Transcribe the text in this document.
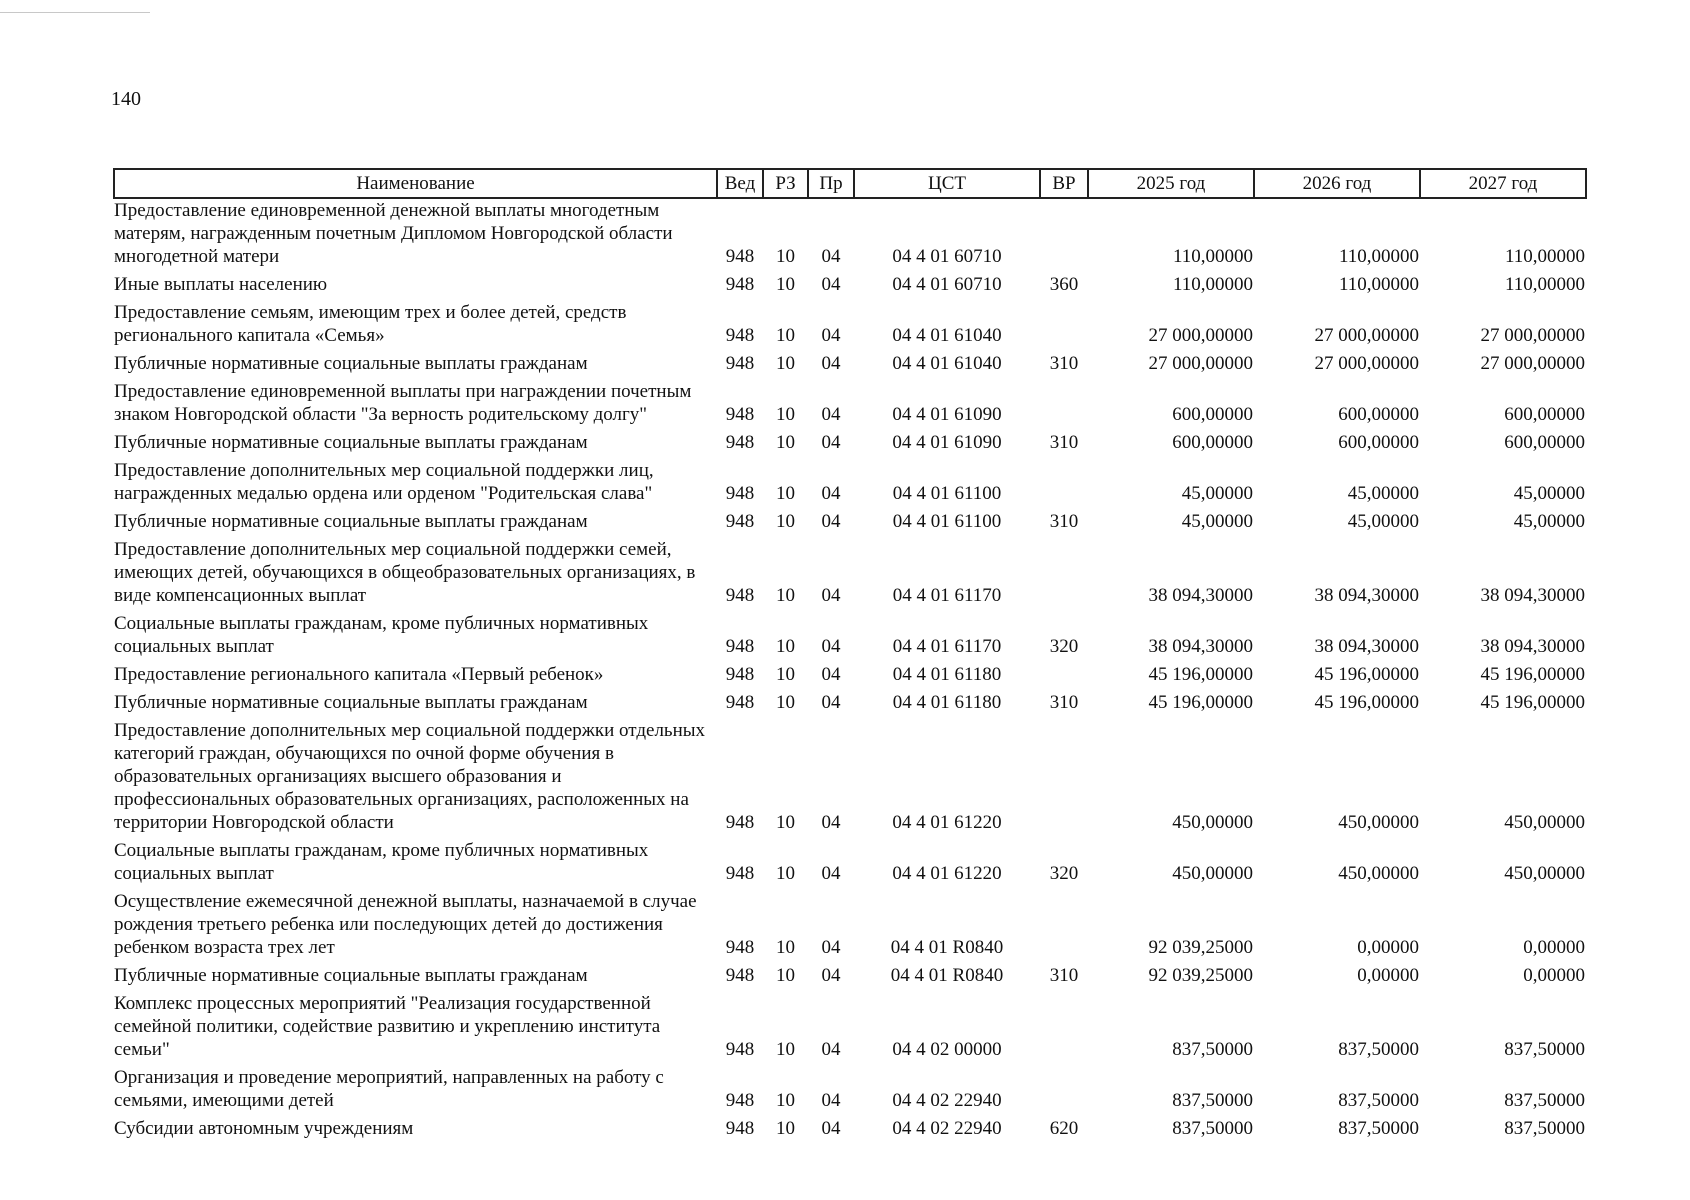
140
Наименование	Вед	РЗ	Пр	ЦСТ	ВР	2025 год	2026 год	2027 год
Предоставление единовременной денежной выплаты многодетным матерям, награжденным почетным Дипломом Новгородской области многодетной матери	948	10	04	04 4 01 60710		110,00000	110,00000	110,00000
Иные выплаты населению	948	10	04	04 4 01 60710	360	110,00000	110,00000	110,00000
Предоставление семьям, имеющим трех и более детей, средств регионального капитала «Семья»	948	10	04	04 4 01 61040		27 000,00000	27 000,00000	27 000,00000
Публичные нормативные социальные выплаты гражданам	948	10	04	04 4 01 61040	310	27 000,00000	27 000,00000	27 000,00000
Предоставление единовременной выплаты при награждении почетным знаком Новгородской области "За верность родительскому долгу"	948	10	04	04 4 01 61090		600,00000	600,00000	600,00000
Публичные нормативные социальные выплаты гражданам	948	10	04	04 4 01 61090	310	600,00000	600,00000	600,00000
Предоставление дополнительных мер социальной поддержки лиц, награжденных медалью ордена или орденом "Родительская слава"	948	10	04	04 4 01 61100		45,00000	45,00000	45,00000
Публичные нормативные социальные выплаты гражданам	948	10	04	04 4 01 61100	310	45,00000	45,00000	45,00000
Предоставление дополнительных мер социальной поддержки семей, имеющих детей, обучающихся в общеобразовательных организациях, в виде компенсационных выплат	948	10	04	04 4 01 61170		38 094,30000	38 094,30000	38 094,30000
Социальные выплаты гражданам, кроме публичных нормативных социальных выплат	948	10	04	04 4 01 61170	320	38 094,30000	38 094,30000	38 094,30000
Предоставление регионального капитала «Первый ребенок»	948	10	04	04 4 01 61180		45 196,00000	45 196,00000	45 196,00000
Публичные нормативные социальные выплаты гражданам	948	10	04	04 4 01 61180	310	45 196,00000	45 196,00000	45 196,00000
Предоставление дополнительных мер социальной поддержки отдельных категорий граждан, обучающихся по очной форме обучения в образовательных организациях высшего образования и профессиональных образовательных организациях, расположенных на территории Новгородской области	948	10	04	04 4 01 61220		450,00000	450,00000	450,00000
Социальные выплаты гражданам, кроме публичных нормативных социальных выплат	948	10	04	04 4 01 61220	320	450,00000	450,00000	450,00000
Осуществление ежемесячной денежной выплаты, назначаемой в случае рождения третьего ребенка или последующих детей до достижения ребенком возраста трех лет	948	10	04	04 4 01 R0840		92 039,25000	0,00000	0,00000
Публичные нормативные социальные выплаты гражданам	948	10	04	04 4 01 R0840	310	92 039,25000	0,00000	0,00000
Комплекс процессных мероприятий "Реализация государственной семейной политики, содействие развитию и укреплению института семьи"	948	10	04	04 4 02 00000		837,50000	837,50000	837,50000
Организация и проведение мероприятий, направленных на работу с семьями, имеющими детей	948	10	04	04 4 02 22940		837,50000	837,50000	837,50000
Субсидии автономным учреждениям	948	10	04	04 4 02 22940	620	837,50000	837,50000	837,50000
